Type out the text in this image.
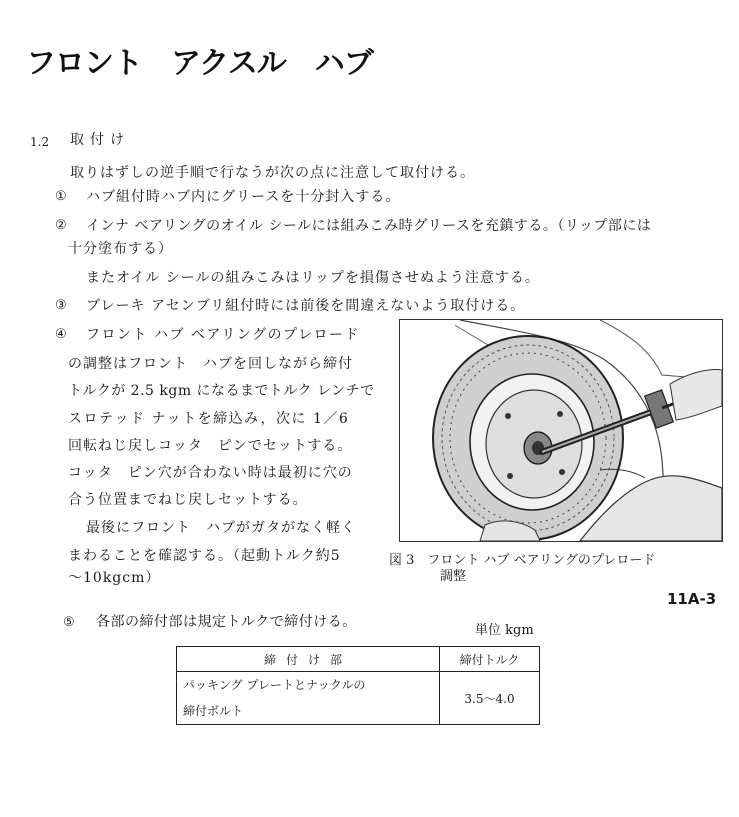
フロント　アクスル　ハブ
1.2 取付け
取りはずしの逆手順で行なうが次の点に注意して取付ける。
① ハブ組付時ハブ内にグリースを十分封入する。
② インナ ベアリングのオイル シールには組みこみ時グリースを充鎮する。（リップ部には
十分塗布する）
またオイル シールの組みこみはリップを損傷させぬよう注意する。
③ ブレーキ アセンブリ組付時には前後を間違えないよう取付ける。
④ フロント ハブ ベアリングのプレロード
の調整はフロント　ハブを回しながら締付
トルクが 2.5 kgm になるまでトルク レンチで
スロテッド ナットを締込み，次に 1／6
回転ねじ戻しコッタ　ピンでセットする。
コッタ　ピン穴が合わない時は最初に穴の
合う位置までねじ戻しセットする。
最後にフロント　ハブがガタがなく軽く
まわることを確認する。（起動トルク約5
～10kgcm）
図 3　フロント ハブ ベアリングのプレロード
調整
11A-3
⑤ 各部の締付部は規定トルクで締付ける。
単位 kgm
締付け部	締付トルク

パッキング プレートとナックルの
締付ボルト	3.5～4.0
